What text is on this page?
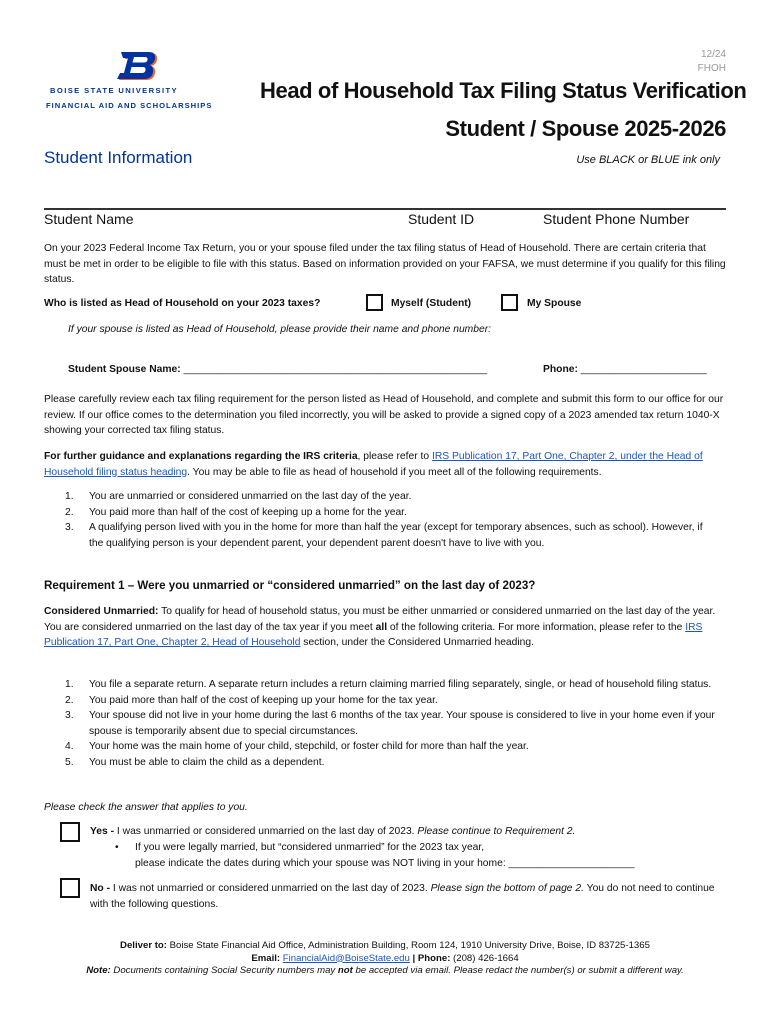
BOISE STATE UNIVERSITY
FINANCIAL AID AND SCHOLARSHIPS
12/24
FHOH
Head of Household Tax Filing Status Verification
Student / Spouse 2025-2026
Student Information	Use BLACK or BLUE ink only
Student Name	Student ID	Student Phone Number

On your 2023 Federal Income Tax Return, you or your spouse filed under the tax filing status of Head of Household. There are certain criteria that must be met in order to be eligible to file with this status. Based on information provided on your FAFSA, we must determine if you qualify for this filing status.

Who is listed as Head of Household on your 2023 taxes?	Myself (Student)	My Spouse
If your spouse is listed as Head of Household, please provide their name and phone number:
Student Spouse Name: _____________________________________________________	Phone: ______________________

Please carefully review each tax filing requirement for the person listed as Head of Household, and complete and submit this form to our office for our review. If our office comes to the determination you filed incorrectly, you will be asked to provide a signed copy of a 2023 amended tax return 1040-X showing your corrected tax filing status.

For further guidance and explanations regarding the IRS criteria, please refer to IRS Publication 17, Part One, Chapter 2, under the Head of Household filing status heading. You may be able to file as head of household if you meet all of the following requirements.

1. You are unmarried or considered unmarried on the last day of the year.
2. You paid more than half of the cost of keeping up a home for the year.
3. A qualifying person lived with you in the home for more than half the year (except for temporary absences, such as school). However, if the qualifying person is your dependent parent, your dependent parent doesn't have to live with you.
Requirement 1 – Were you unmarried or “considered unmarried” on the last day of 2023?

Considered Unmarried: To qualify for head of household status, you must be either unmarried or considered unmarried on the last day of the year. You are considered unmarried on the last day of the tax year if you meet all of the following criteria. For more information, please refer to the IRS Publication 17, Part One, Chapter 2, Head of Household section, under the Considered Unmarried heading.

1. You file a separate return. A separate return includes a return claiming married filing separately, single, or head of household filing status.
2. You paid more than half of the cost of keeping up your home for the tax year.
3. Your spouse did not live in your home during the last 6 months of the tax year. Your spouse is considered to live in your home even if your spouse is temporarily absent due to special circumstances.
4. Your home was the main home of your child, stepchild, or foster child for more than half the year.
5. You must be able to claim the child as a dependent.
Please check the answer that applies to you.
Yes - I was unmarried or considered unmarried on the last day of 2023. Please continue to Requirement 2.
• If you were legally married, but “considered unmarried” for the 2023 tax year,
please indicate the dates during which your spouse was NOT living in your home: ______________________

No - I was not unmarried or considered unmarried on the last day of 2023. Please sign the bottom of page 2. You do not need to continue with the following questions.

Deliver to: Boise State Financial Aid Office, Administration Building, Room 124, 1910 University Drive, Boise, ID 83725-1365
Email: FinancialAid@BoiseState.edu | Phone: (208) 426-1664
Note: Documents containing Social Security numbers may not be accepted via email. Please redact the number(s) or submit a different way.
